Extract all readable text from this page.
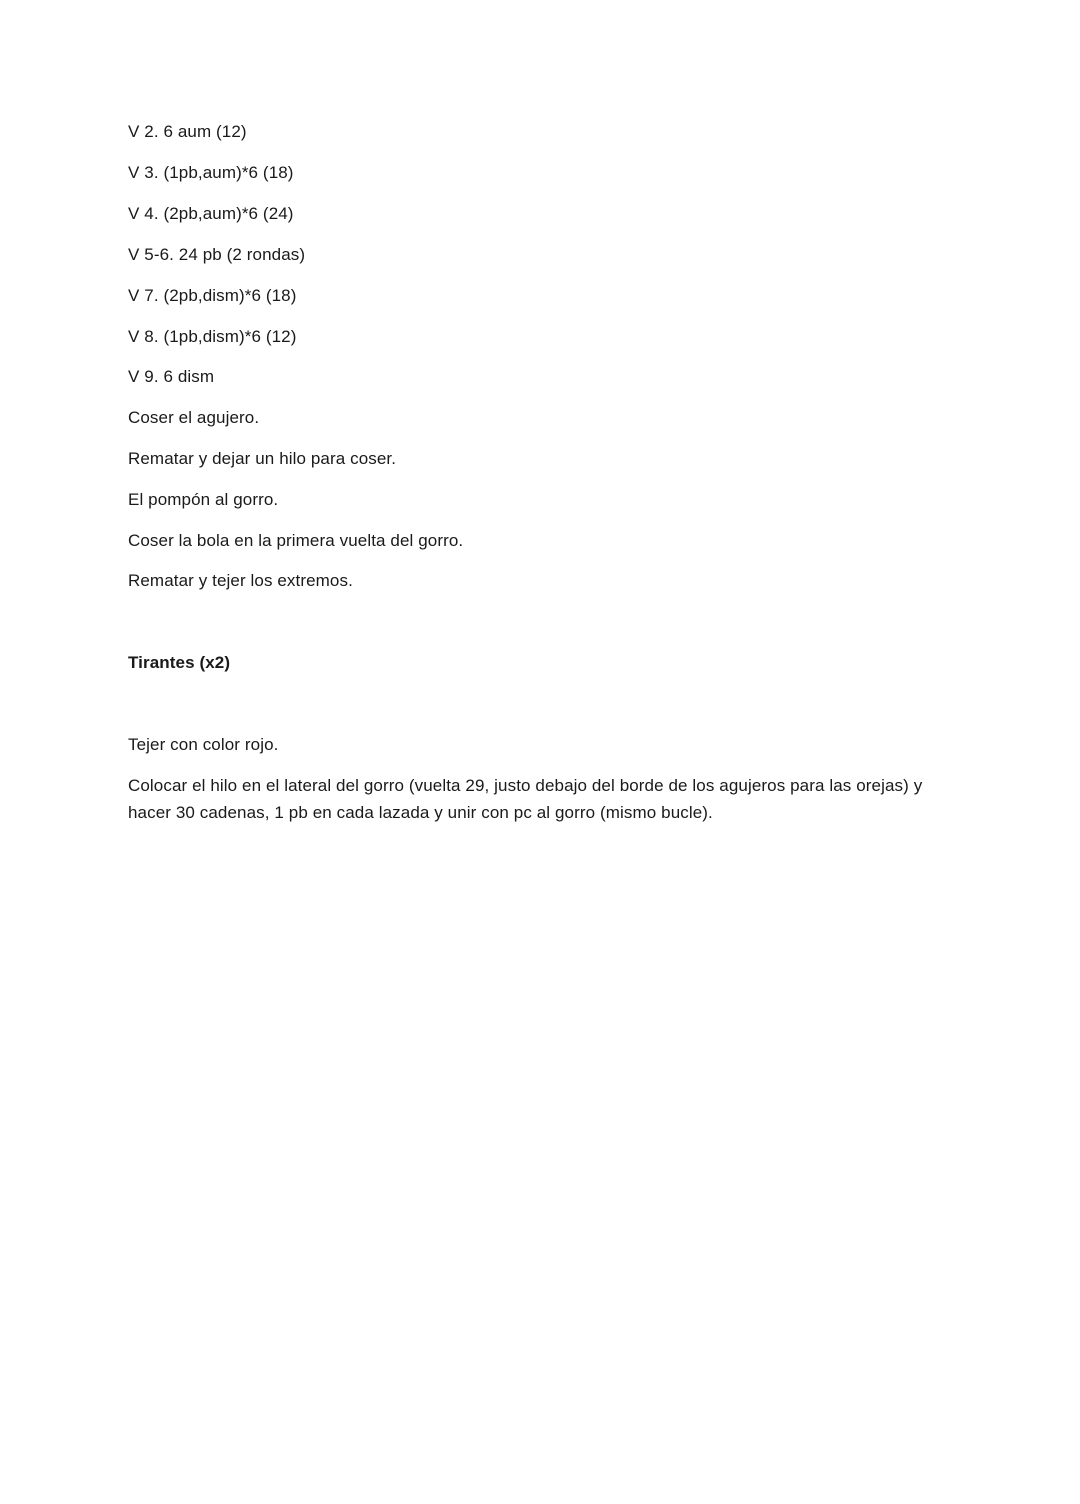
V 2. 6 aum (12)
V 3. (1pb,aum)*6 (18)
V 4. (2pb,aum)*6 (24)
V 5-6. 24 pb (2 rondas)
V 7. (2pb,dism)*6 (18)
V 8. (1pb,dism)*6 (12)
V 9. 6 dism
Coser el agujero.
Rematar y dejar un hilo para coser.
El pompón al gorro.
Coser la bola en la primera vuelta del gorro.
Rematar y tejer los extremos.
Tirantes (x2)
Tejer con color rojo.
Colocar el hilo en el lateral del gorro (vuelta 29, justo debajo del borde de los agujeros para las orejas) y hacer 30 cadenas, 1 pb en cada lazada y unir con pc al gorro (mismo bucle).
